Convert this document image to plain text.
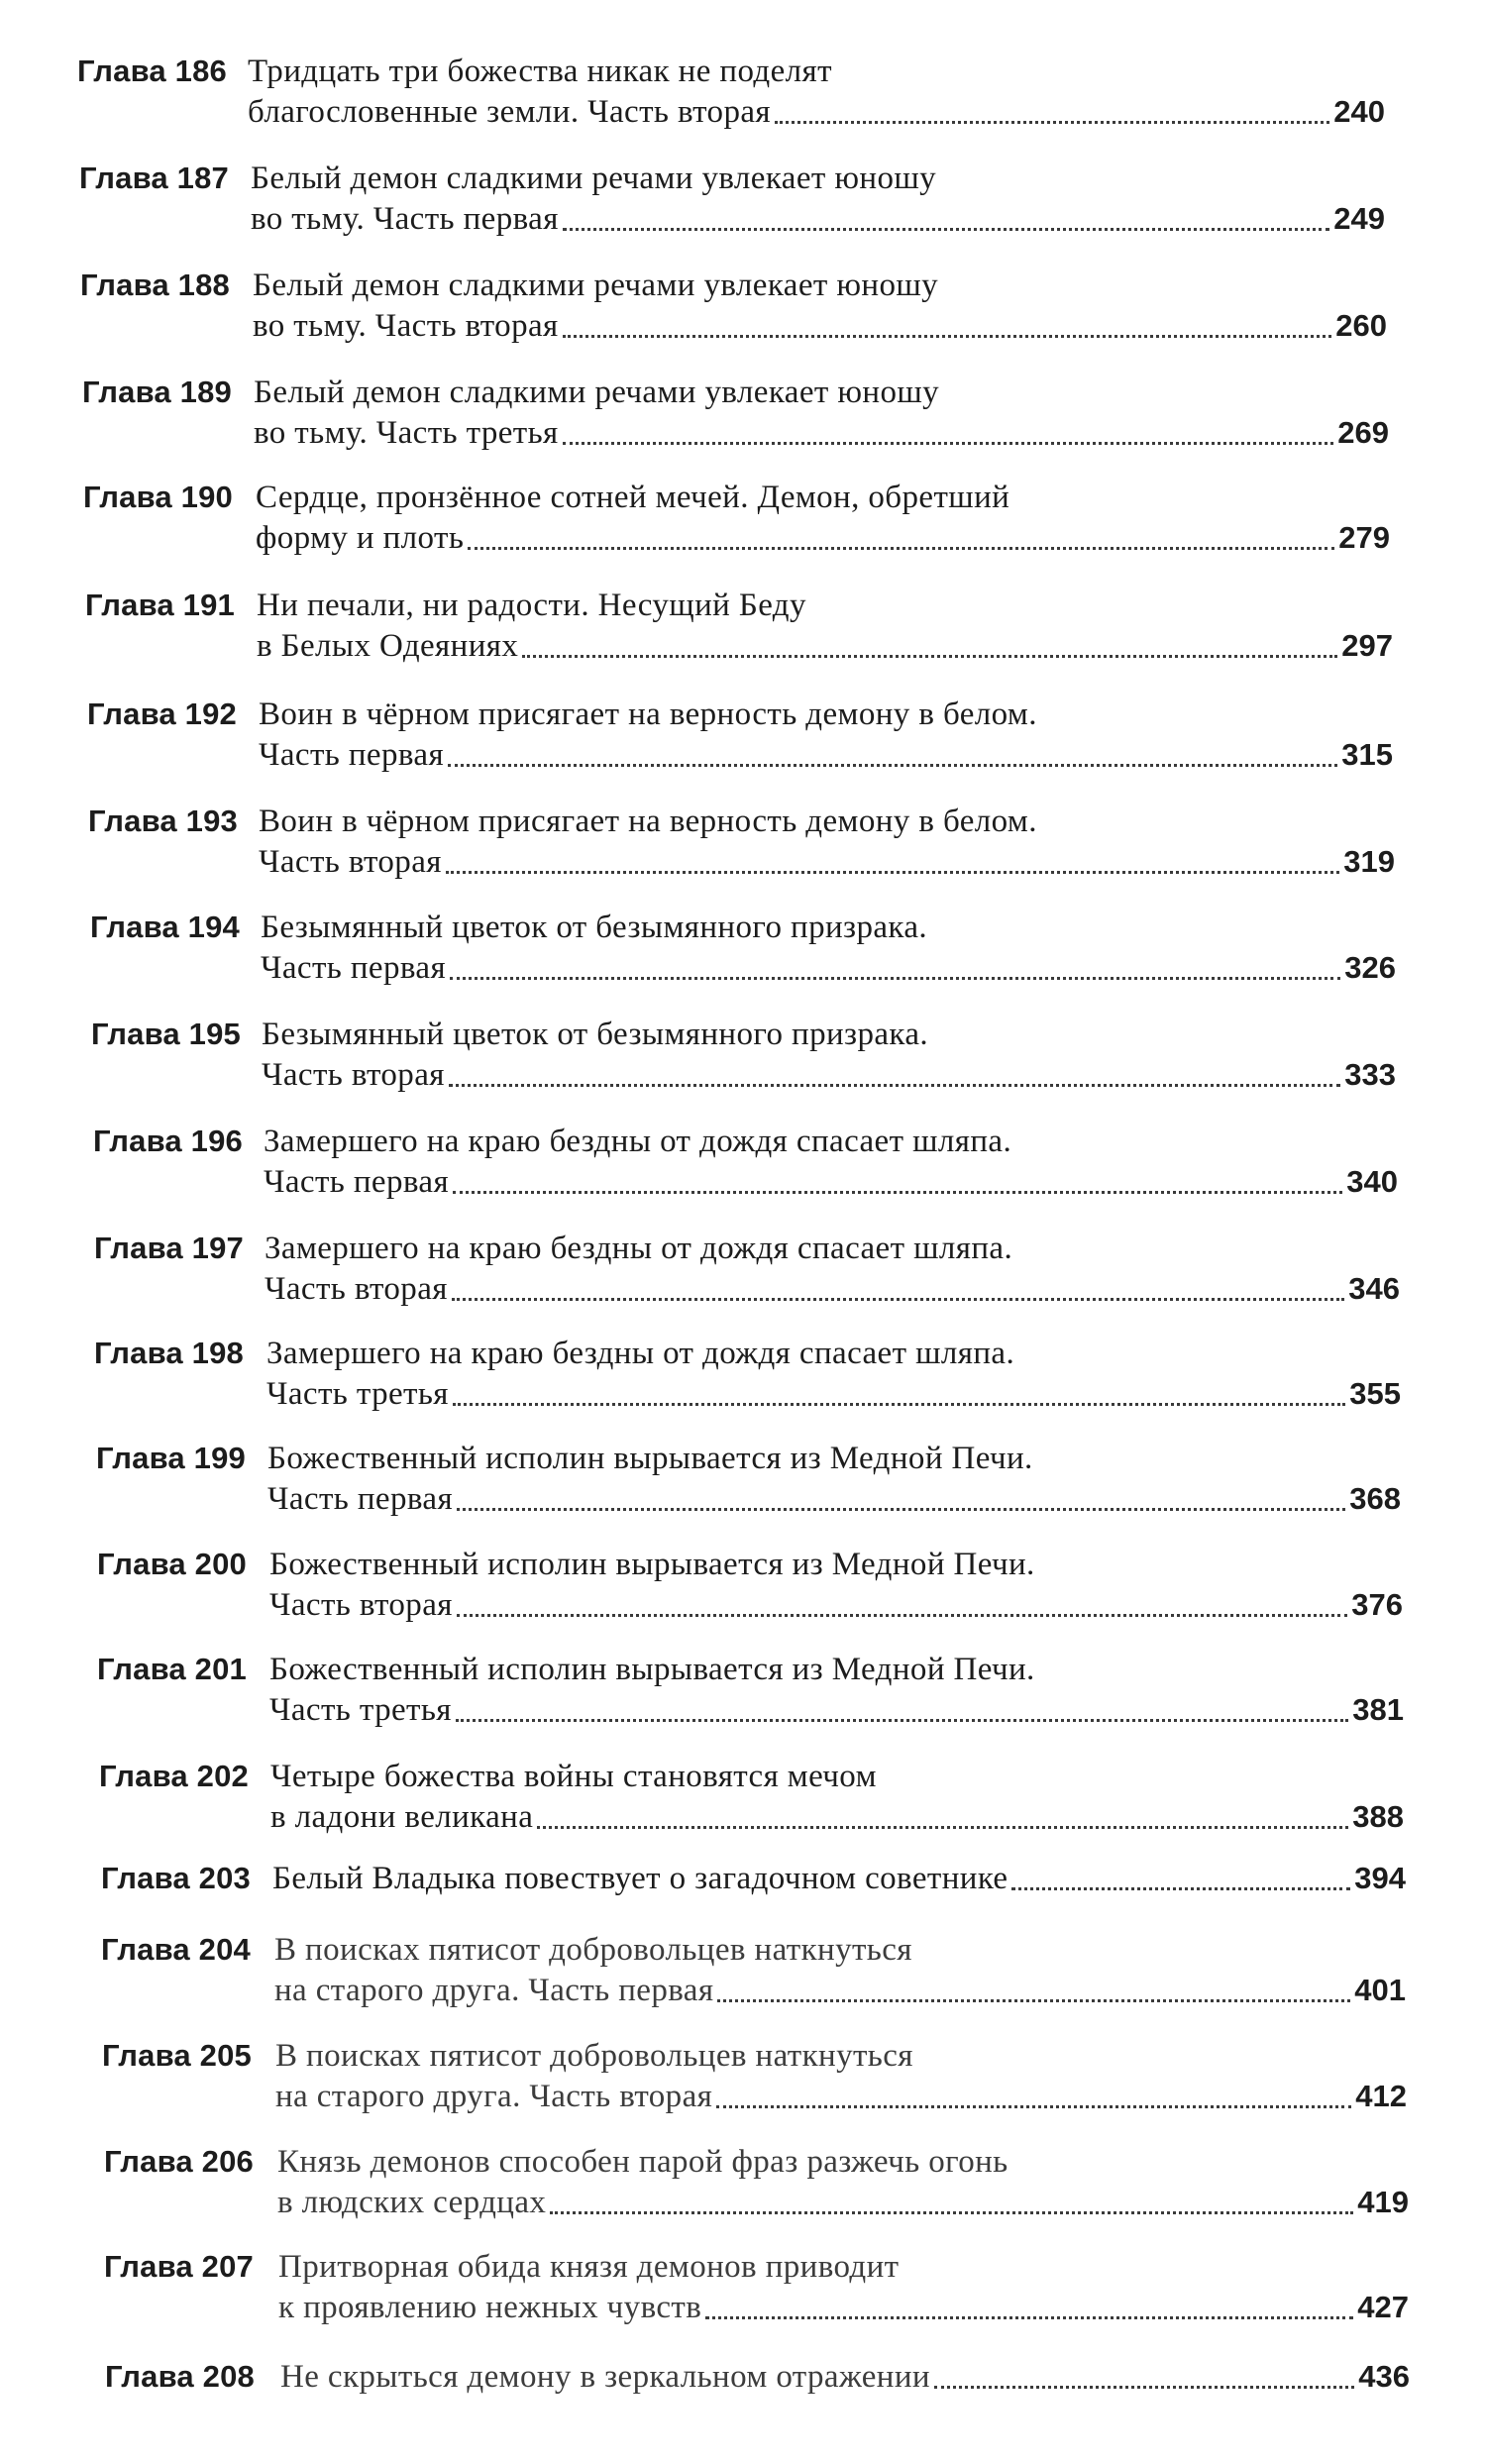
Глава 186 Тридцать три божества никак не поделят
благословенные земли. Часть вторая	240
Глава 187 Белый демон сладкими речами увлекает юношу
во тьму. Часть первая	249
Глава 188 Белый демон сладкими речами увлекает юношу
во тьму. Часть вторая	260
Глава 189 Белый демон сладкими речами увлекает юношу
во тьму. Часть третья	269
Глава 190 Сердце, пронзённое сотней мечей. Демон, обретший
форму и плоть	279
Глава 191 Ни печали, ни радости. Несущий Беду
в Белых Одеяниях	297
Глава 192 Воин в чёрном присягает на верность демону в белом.
Часть первая	315
Глава 193 Воин в чёрном присягает на верность демону в белом.
Часть вторая	319
Глава 194 Безымянный цветок от безымянного призрака.
Часть первая	326
Глава 195 Безымянный цветок от безымянного призрака.
Часть вторая	333
Глава 196 Замершего на краю бездны от дождя спасает шляпа.
Часть первая	340
Глава 197 Замершего на краю бездны от дождя спасает шляпа.
Часть вторая	346
Глава 198 Замершего на краю бездны от дождя спасает шляпа.
Часть третья	355
Глава 199 Божественный исполин вырывается из Медной Печи.
Часть первая	368
Глава 200 Божественный исполин вырывается из Медной Печи.
Часть вторая	376
Глава 201 Божественный исполин вырывается из Медной Печи.
Часть третья	381
Глава 202 Четыре божества войны становятся мечом
в ладони великана	388
Глава 203 Белый Владыка повествует о загадочном советнике	394
Глава 204 В поисках пятисот добровольцев наткнуться
на старого друга. Часть первая	401
Глава 205 В поисках пятисот добровольцев наткнуться
на старого друга. Часть вторая	412
Глава 206 Князь демонов способен парой фраз разжечь огонь
в людских сердцах	419
Глава 207 Притворная обида князя демонов приводит
к проявлению нежных чувств	427
Глава 208 Не скрыться демону в зеркальном отражении	436
